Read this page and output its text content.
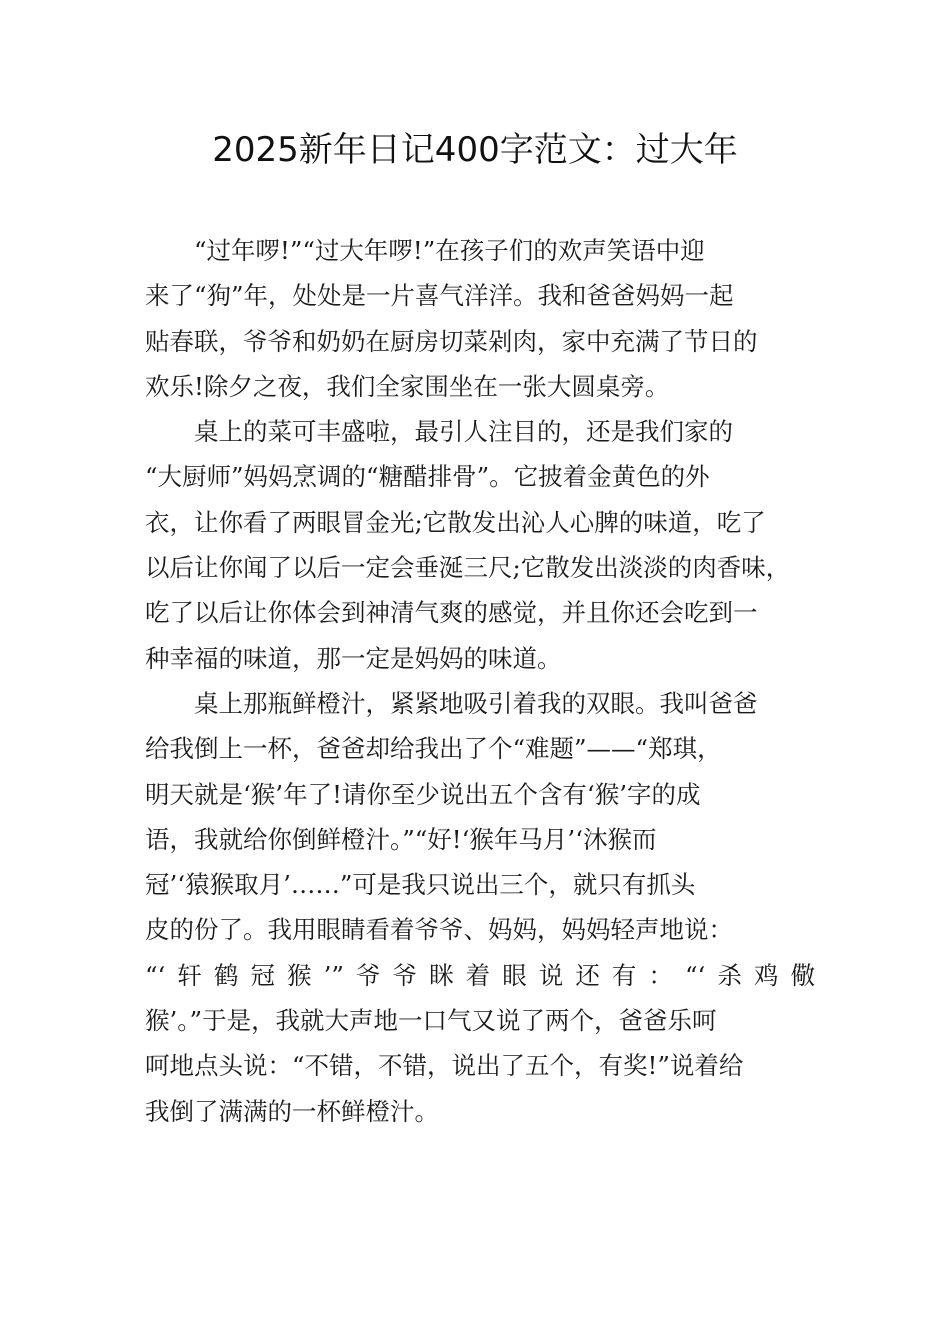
2025新年日记400字范文：过大年
　　“过年啰!”“过大年啰!”在孩子们的欢声笑语中迎
来了“狗”年，处处是一片喜气洋洋。我和爸爸妈妈一起
贴春联，爷爷和奶奶在厨房切菜剁肉，家中充满了节日的
欢乐!除夕之夜，我们全家围坐在一张大圆桌旁。
　　桌上的菜可丰盛啦，最引人注目的，还是我们家的
“大厨师”妈妈烹调的“糖醋排骨”。它披着金黄色的外
衣，让你看了两眼冒金光;它散发出沁人心脾的味道，吃了
以后让你闻了以后一定会垂涎三尺;它散发出淡淡的肉香味，
吃了以后让你体会到神清气爽的感觉，并且你还会吃到一
种幸福的味道，那一定是妈妈的味道。
　　桌上那瓶鲜橙汁，紧紧地吸引着我的双眼。我叫爸爸
给我倒上一杯，爸爸却给我出了个“难题”——“郑琪，
明天就是‘猴’年了!请你至少说出五个含有‘猴’字的成
语，我就给你倒鲜橙汁。”“好!‘猴年马月’‘沐猴而
冠’‘猿猴取月’……”可是我只说出三个，就只有抓头
皮的份了。我用眼睛看着爷爷、妈妈，妈妈轻声地说：
“‘轩鹤冠猴’”爷爷眯着眼说还有：“‘杀鸡儆
猴’。”于是，我就大声地一口气又说了两个，爸爸乐呵
呵地点头说：“不错，不错，说出了五个，有奖!”说着给
我倒了满满的一杯鲜橙汁。
